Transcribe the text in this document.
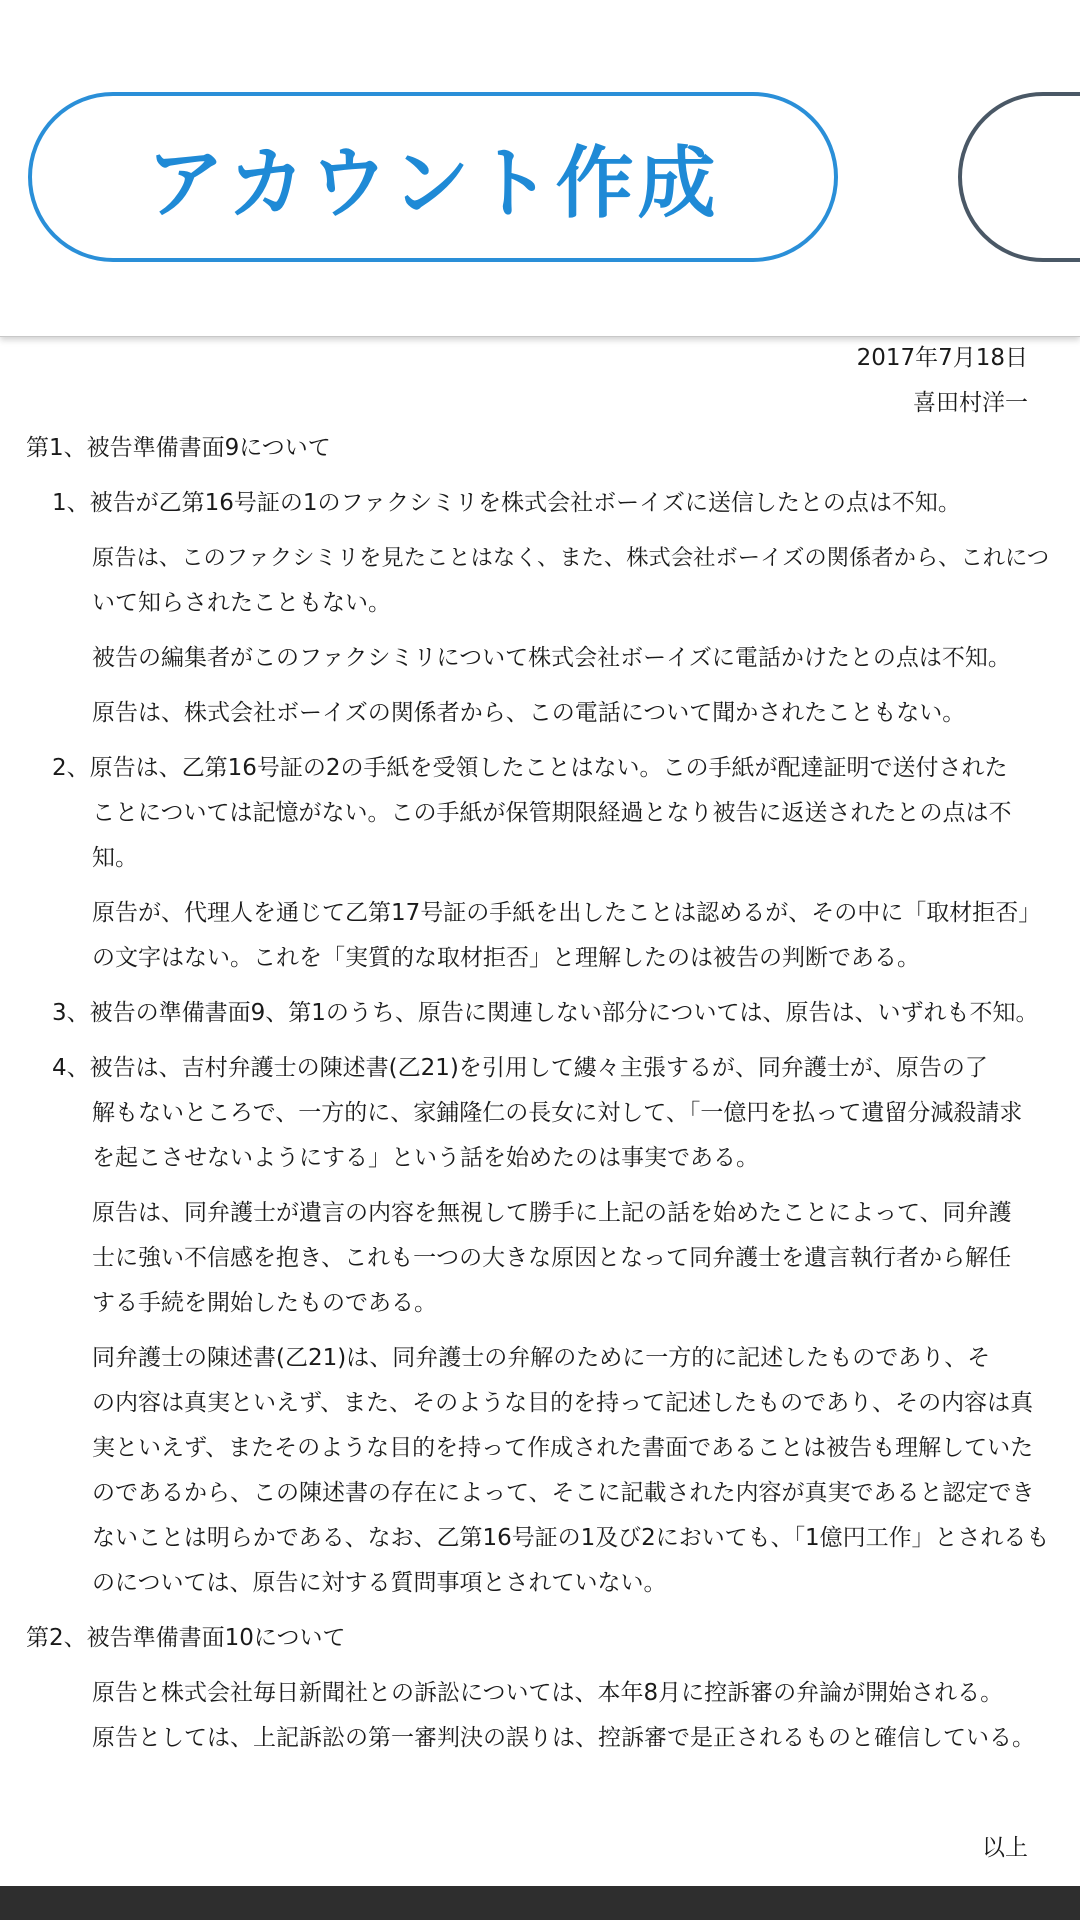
アカウント作成
2017年7月18日
喜田村洋一
第1、被告準備書面9について
1、被告が乙第16号証の1のファクシミリを株式会社ボーイズに送信したとの点は不知。
原告は、このファクシミリを見たことはなく、また、株式会社ボーイズの関係者から、これにつ
いて知らされたこともない。
被告の編集者がこのファクシミリについて株式会社ボーイズに電話かけたとの点は不知。
原告は、株式会社ボーイズの関係者から、この電話について聞かされたこともない。
2、原告は、乙第16号証の2の手紙を受領したことはない。この手紙が配達証明で送付された
ことについては記憶がない。この手紙が保管期限経過となり被告に返送されたとの点は不
知。
原告が、代理人を通じて乙第17号証の手紙を出したことは認めるが、その中に「取材拒否」
の文字はない。これを「実質的な取材拒否」と理解したのは被告の判断である。
3、被告の準備書面9、第1のうち、原告に関連しない部分については、原告は、いずれも不知。
4、被告は、吉村弁護士の陳述書(乙21)を引用して縷々主張するが、同弁護士が、原告の了
解もないところで、一方的に、家鋪隆仁の長女に対して、「一億円を払って遺留分減殺請求
を起こさせないようにする」という話を始めたのは事実である。
原告は、同弁護士が遺言の内容を無視して勝手に上記の話を始めたことによって、同弁護
士に強い不信感を抱き、これも一つの大きな原因となって同弁護士を遺言執行者から解任
する手続を開始したものである。
同弁護士の陳述書(乙21)は、同弁護士の弁解のために一方的に記述したものであり、そ
の内容は真実といえず、また、そのような目的を持って記述したものであり、その内容は真
実といえず、またそのような目的を持って作成された書面であることは被告も理解していた
のであるから、この陳述書の存在によって、そこに記載された内容が真実であると認定でき
ないことは明らかである、なお、乙第16号証の1及び2においても、「1億円工作」とされるも
のについては、原告に対する質問事項とされていない。
第2、被告準備書面10について
原告と株式会社毎日新聞社との訴訟については、本年8月に控訴審の弁論が開始される。
原告としては、上記訴訟の第一審判決の誤りは、控訴審で是正されるものと確信している。
以上
